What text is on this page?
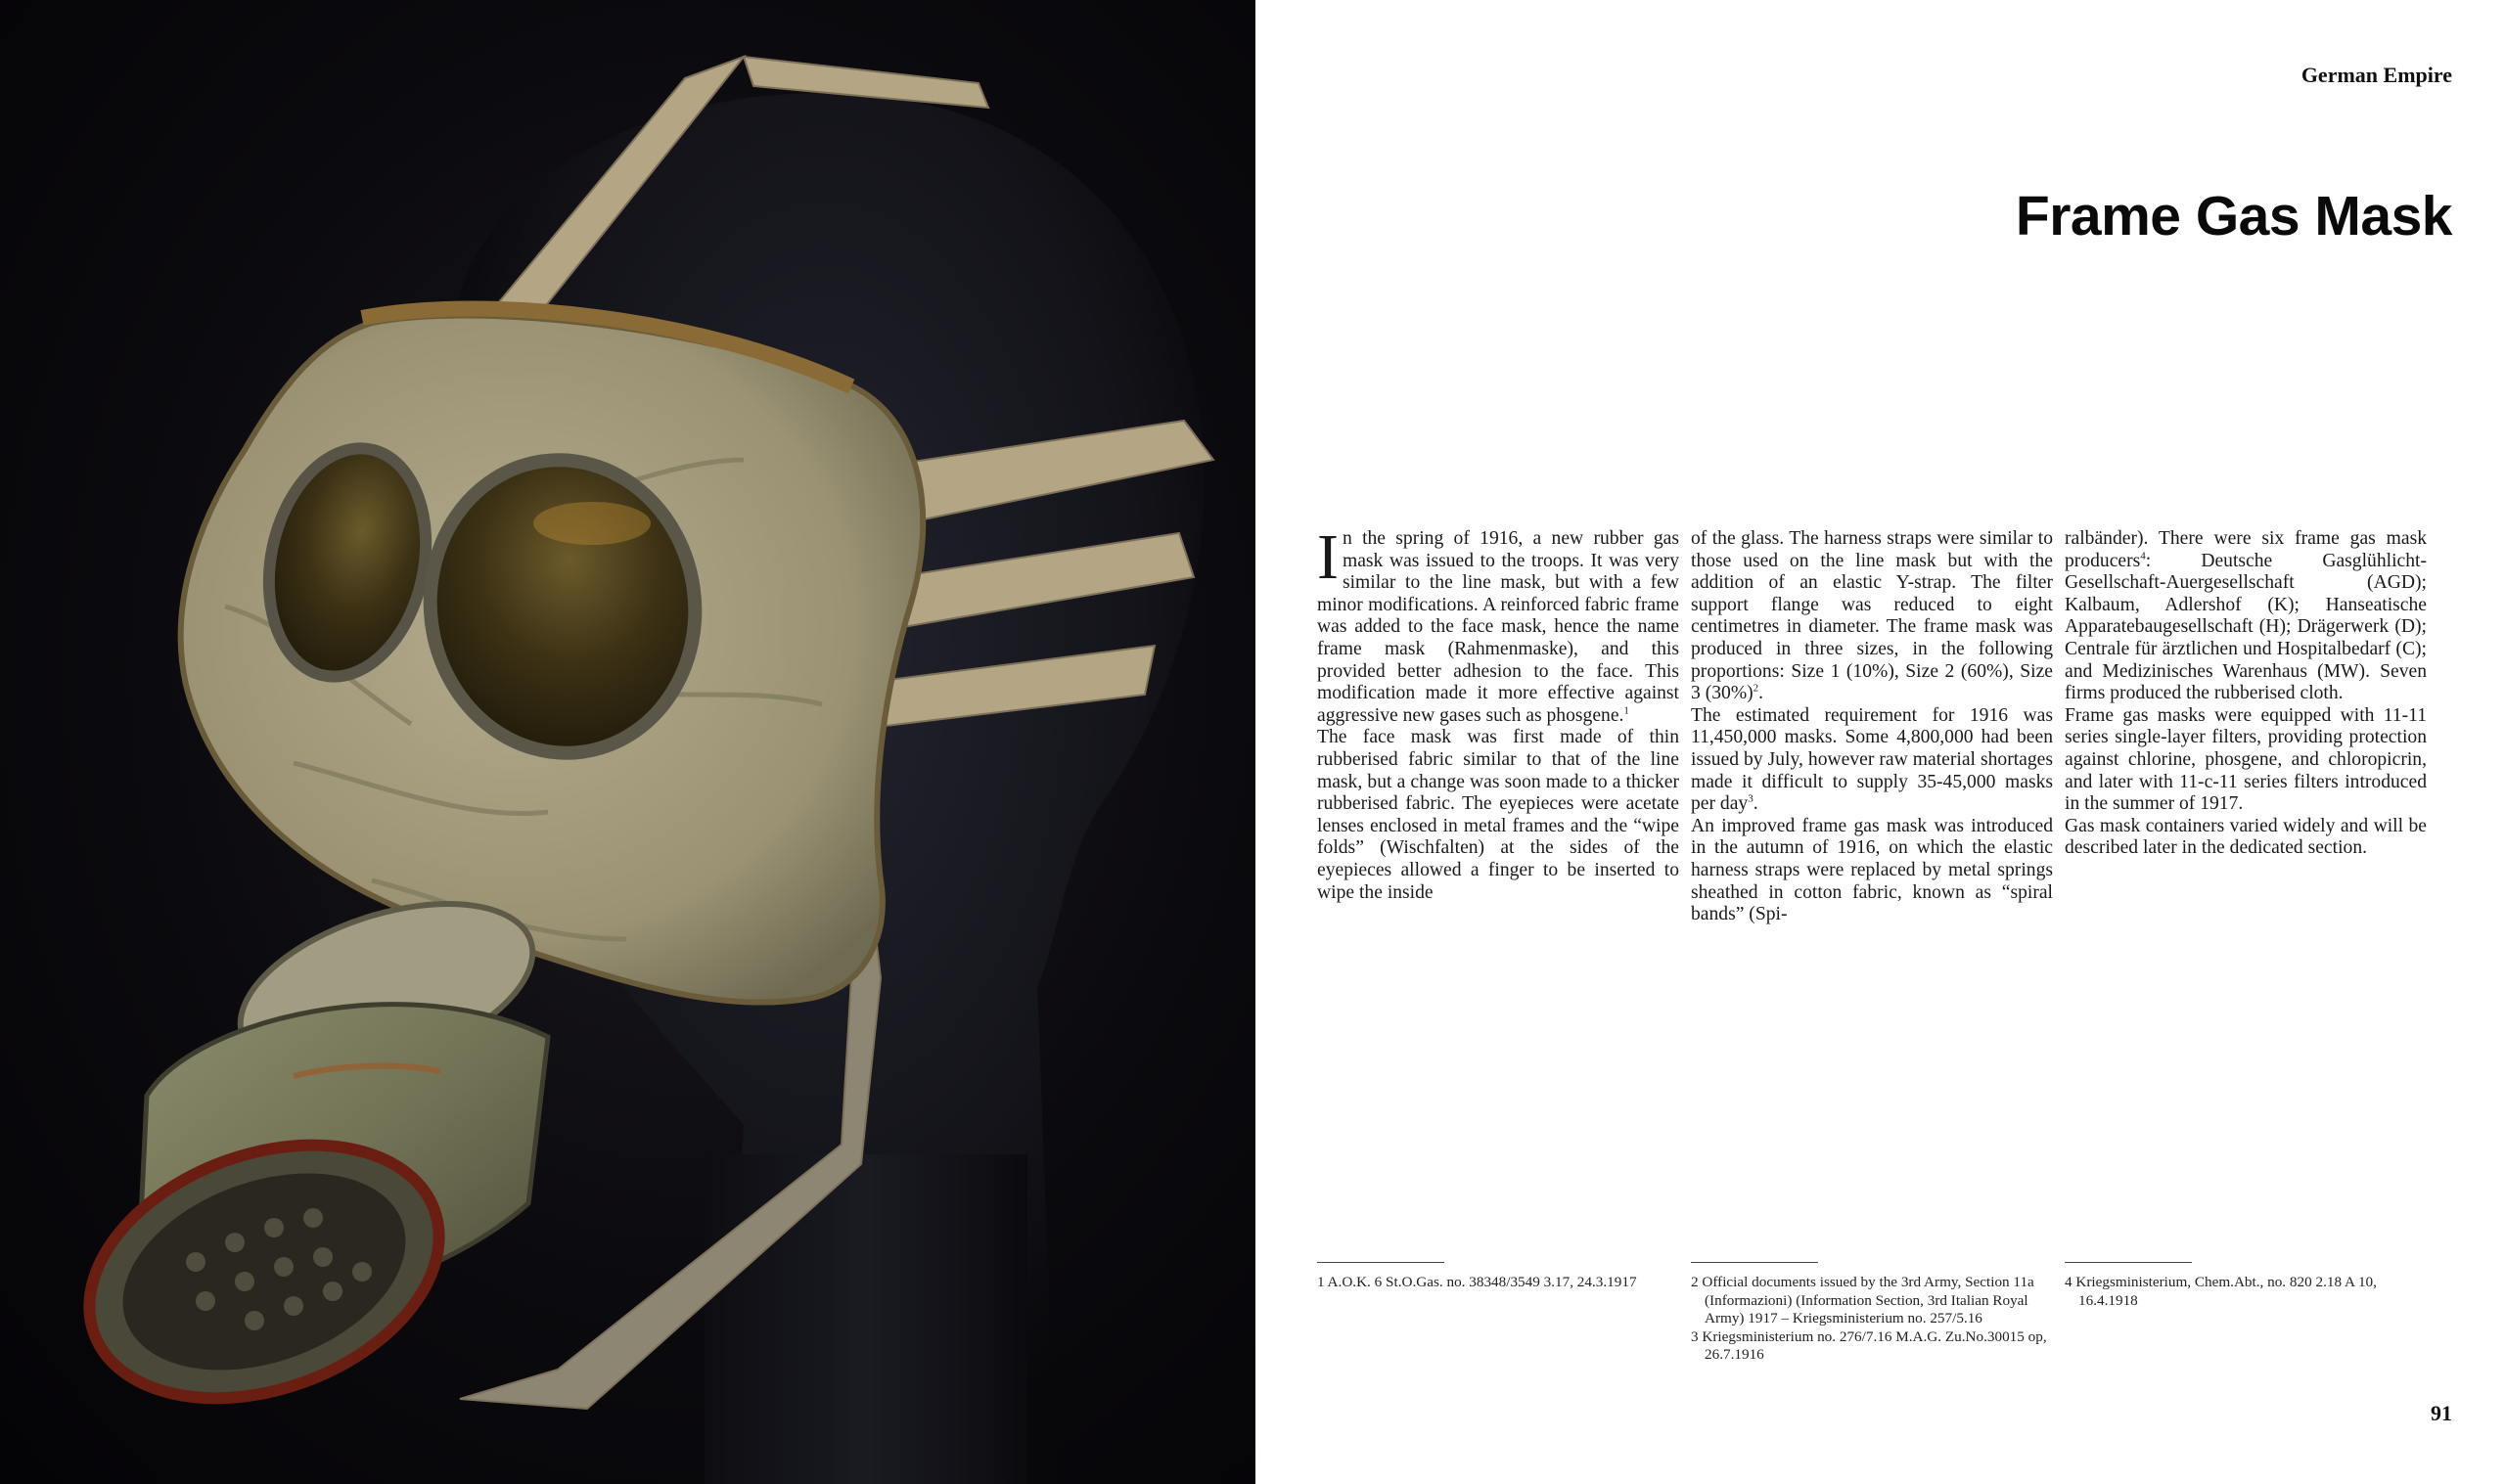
German Empire
Frame Gas Mask

In the spring of 1916, a new rubber gas mask was issued to the troops. It was very similar to the line mask, but with a few minor modifications. A reinforced fabric frame was added to the face mask, hence the name frame mask (Rahmenmaske), and this provided better adhesion to the face. This modification made it more effective against aggressive new gases such as phosgene.$^1$

The face mask was first made of thin rubberised fabric similar to that of the line mask, but a change was soon made to a thicker rubberised fabric. The eyepieces were acetate lenses enclosed in metal frames and the “wipe folds” (Wischfalten) at the sides of the eyepieces allowed a finger to be inserted to wipe the inside

of the glass. The harness straps were similar to those used on the line mask but with the addition of an elastic Y-strap. The filter support flange was reduced to eight centimetres in diameter. The frame mask was produced in three sizes, in the following proportions: Size 1 (10%), Size 2 (60%), Size 3 $(30\%)^2$.

The estimated requirement for 1916 was 11,450,000 masks. Some 4,800,000 had been issued by July, however raw material shortages made it difficult to supply 35-45,000 masks per day$^3$.

An improved frame gas mask was introduced in the autumn of 1916, on which the elastic harness straps were replaced by metal springs sheathed in cotton fabric, known as “spiral bands” (Spi-

ralbänder). There were six frame gas mask producers$^4$: Deutsche Gasglühlicht-Gesellschaft-Auergesellschaft (AGD); Kalbaum, Adlershof (K); Hanseatische Apparatebaugesellschaft (H); Drägerwerk (D); Centrale für ärztlichen und Hospitalbedarf (C); and Medizinisches Warenhaus (MW). Seven firms produced the rubberised cloth.

Frame gas masks were equipped with 11-11 series single-layer filters, providing protection against chlorine, phosgene, and chloropicrin, and later with 11-c-11 series filters introduced in the summer of 1917.

Gas mask containers varied widely and will be described later in the dedicated section.

1 A.O.K. 6 St.O.Gas. no. 38348/3549 3.17, 24.3.1917	2 Official documents issued by the 3rd Army, Section 11a (Informazioni) (Information Section, 3rd Italian Royal Army) 1917 – Kriegsministerium no. 257/5.16
3 Kriegsministerium no. 276/7.16 M.A.G. Zu.No.30015 op, 26.7.1916
4 Kriegsministerium, Chem.Abt., no. 820 2.18 A 10, 16.4.1918
91
